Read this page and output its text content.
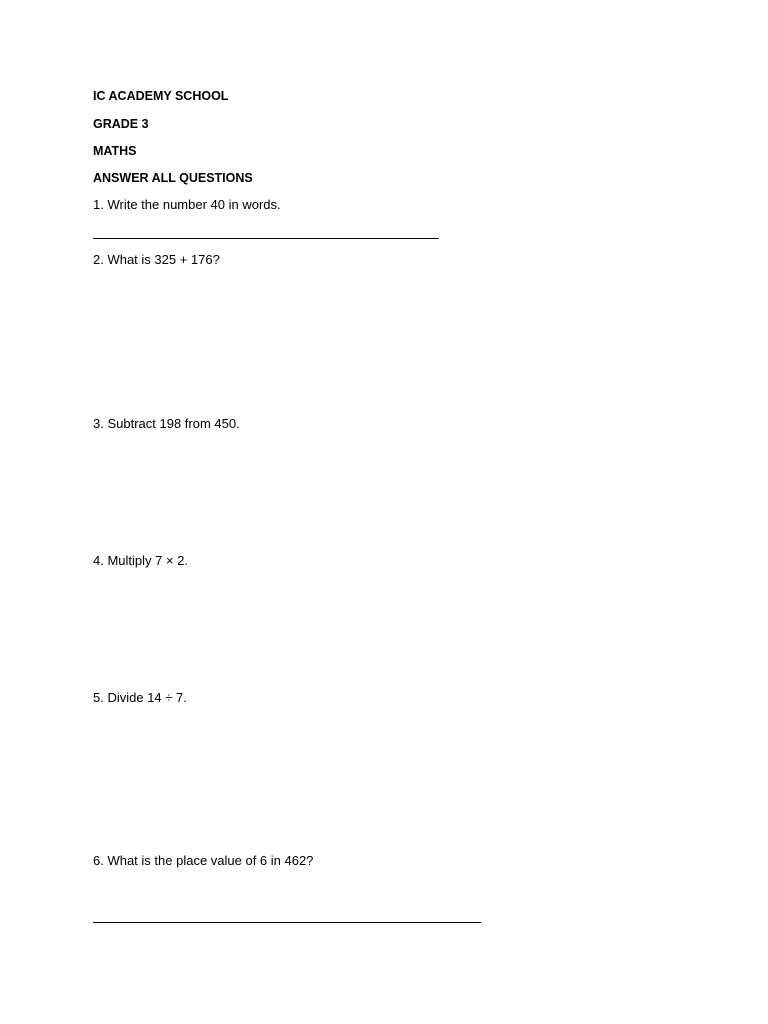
IC ACADEMY SCHOOL
GRADE 3
MATHS
ANSWER ALL QUESTIONS
1. Write the number 40 in words.
2. What is 325 + 176?
3. Subtract 198 from 450.
4. Multiply 7 × 2.
5. Divide 14 ÷ 7.
6. What is the place value of 6 in 462?
